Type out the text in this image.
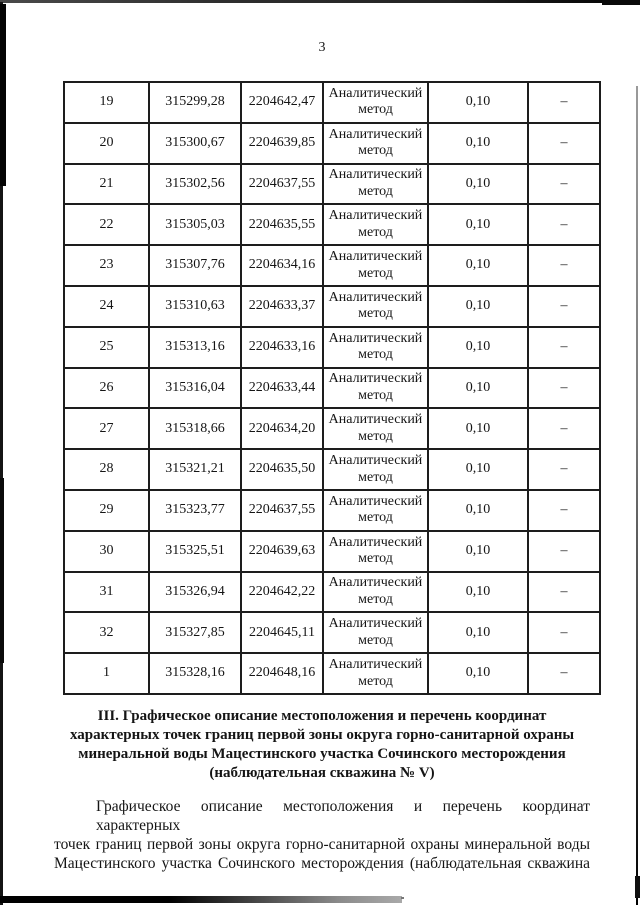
3
19	315299,28	2204642,47	Аналитический метод	0,10	–
20	315300,67	2204639,85	Аналитический метод	0,10	–
21	315302,56	2204637,55	Аналитический метод	0,10	–
22	315305,03	2204635,55	Аналитический метод	0,10	–
23	315307,76	2204634,16	Аналитический метод	0,10	–
24	315310,63	2204633,37	Аналитический метод	0,10	–
25	315313,16	2204633,16	Аналитический метод	0,10	–
26	315316,04	2204633,44	Аналитический метод	0,10	–
27	315318,66	2204634,20	Аналитический метод	0,10	–
28	315321,21	2204635,50	Аналитический метод	0,10	–
29	315323,77	2204637,55	Аналитический метод	0,10	–
30	315325,51	2204639,63	Аналитический метод	0,10	–
31	315326,94	2204642,22	Аналитический метод	0,10	–
32	315327,85	2204645,11	Аналитический метод	0,10	–
1	315328,16	2204648,16	Аналитический метод	0,10	–
III. Графическое описание местоположения и перечень координат
характерных точек границ первой зоны округа горно-санитарной охраны
минеральной воды Мацестинского участка Сочинского месторождения
(наблюдательная скважина № V)
Графическое описание местоположения и перечень координат характерных
точек границ первой зоны округа горно-санитарной охраны минеральной воды
Мацестинского участка Сочинского месторождения (наблюдательная скважина
